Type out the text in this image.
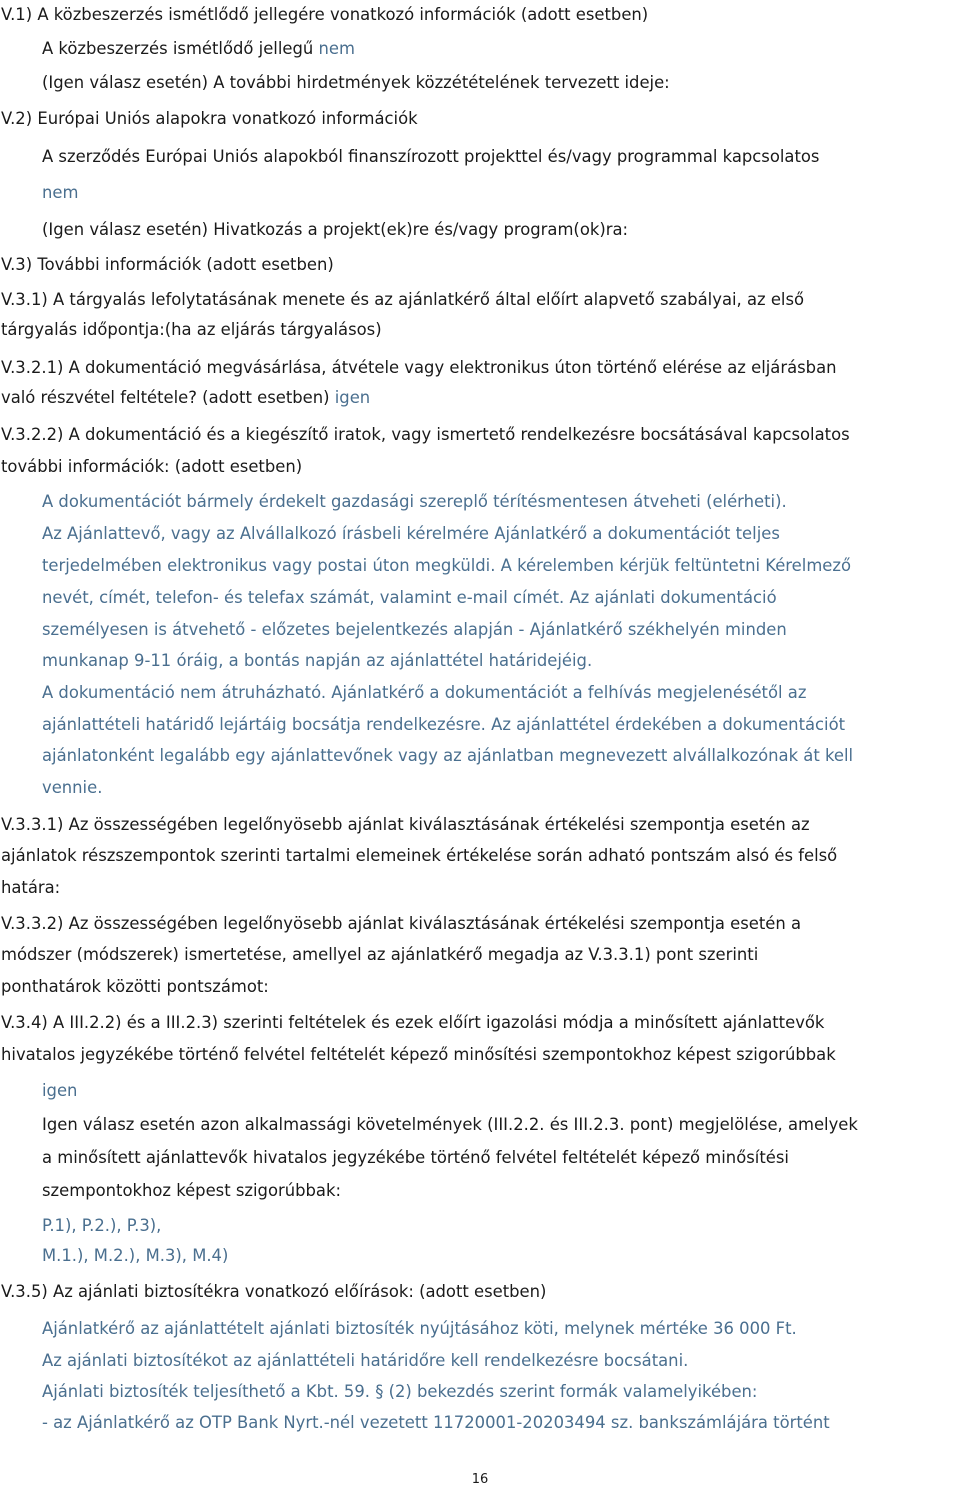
V.1) A közbeszerzés ismétlődő jellegére vonatkozó információk (adott esetben)
A közbeszerzés ismétlődő jellegű nem
(Igen válasz esetén) A további hirdetmények közzétételének tervezett ideje:
V.2) Európai Uniós alapokra vonatkozó információk
A szerződés Európai Uniós alapokból finanszírozott projekttel és/vagy programmal kapcsolatos
nem
(Igen válasz esetén) Hivatkozás a projekt(ek)re és/vagy program(ok)ra:
V.3) További információk (adott esetben)
V.3.1) A tárgyalás lefolytatásának menete és az ajánlatkérő által előírt alapvető szabályai, az első
tárgyalás időpontja:(ha az eljárás tárgyalásos)
V.3.2.1) A dokumentáció megvásárlása, átvétele vagy elektronikus úton történő elérése az eljárásban
való részvétel feltétele? (adott esetben) igen
V.3.2.2) A dokumentáció és a kiegészítő iratok, vagy ismertető rendelkezésre bocsátásával kapcsolatos
további információk: (adott esetben)
A dokumentációt bármely érdekelt gazdasági szereplő térítésmentesen átveheti (elérheti).
Az Ajánlattevő, vagy az Alvállalkozó írásbeli kérelmére Ajánlatkérő a dokumentációt teljes
terjedelmében elektronikus vagy postai úton megküldi. A kérelemben kérjük feltüntetni Kérelmező
nevét, címét, telefon- és telefax számát, valamint e-mail címét. Az ajánlati dokumentáció
személyesen is átvehető - előzetes bejelentkezés alapján - Ajánlatkérő székhelyén minden
munkanap 9-11 óráig, a bontás napján az ajánlattétel határidejéig.
A dokumentáció nem átruházható. Ajánlatkérő a dokumentációt a felhívás megjelenésétől az
ajánlattételi határidő lejártáig bocsátja rendelkezésre. Az ajánlattétel érdekében a dokumentációt
ajánlatonként legalább egy ajánlattevőnek vagy az ajánlatban megnevezett alvállalkozónak át kell
vennie.
V.3.3.1) Az összességében legelőnyösebb ajánlat kiválasztásának értékelési szempontja esetén az
ajánlatok részszempontok szerinti tartalmi elemeinek értékelése során adható pontszám alsó és felső
határa:
V.3.3.2) Az összességében legelőnyösebb ajánlat kiválasztásának értékelési szempontja esetén a
módszer (módszerek) ismertetése, amellyel az ajánlatkérő megadja az V.3.3.1) pont szerinti
ponthatárok közötti pontszámot:
V.3.4) A III.2.2) és a III.2.3) szerinti feltételek és ezek előírt igazolási módja a minősített ajánlattevők
hivatalos jegyzékébe történő felvétel feltételét képező minősítési szempontokhoz képest szigorúbbak
igen
Igen válasz esetén azon alkalmassági követelmények (III.2.2. és III.2.3. pont) megjelölése, amelyek
a minősített ajánlattevők hivatalos jegyzékébe történő felvétel feltételét képező minősítési
szempontokhoz képest szigorúbbak:
P.1), P.2.), P.3),
M.1.), M.2.), M.3), M.4)
V.3.5) Az ajánlati biztosítékra vonatkozó előírások: (adott esetben)
Ajánlatkérő az ajánlattételt ajánlati biztosíték nyújtásához köti, melynek mértéke 36 000 Ft.
Az ajánlati biztosítékot az ajánlattételi határidőre kell rendelkezésre bocsátani.
Ajánlati biztosíték teljesíthető a Kbt. 59. § (2) bekezdés szerint formák valamelyikében:
- az Ajánlatkérő az OTP Bank Nyrt.-nél vezetett 11720001-20203494 sz. bankszámlájára történt
16
